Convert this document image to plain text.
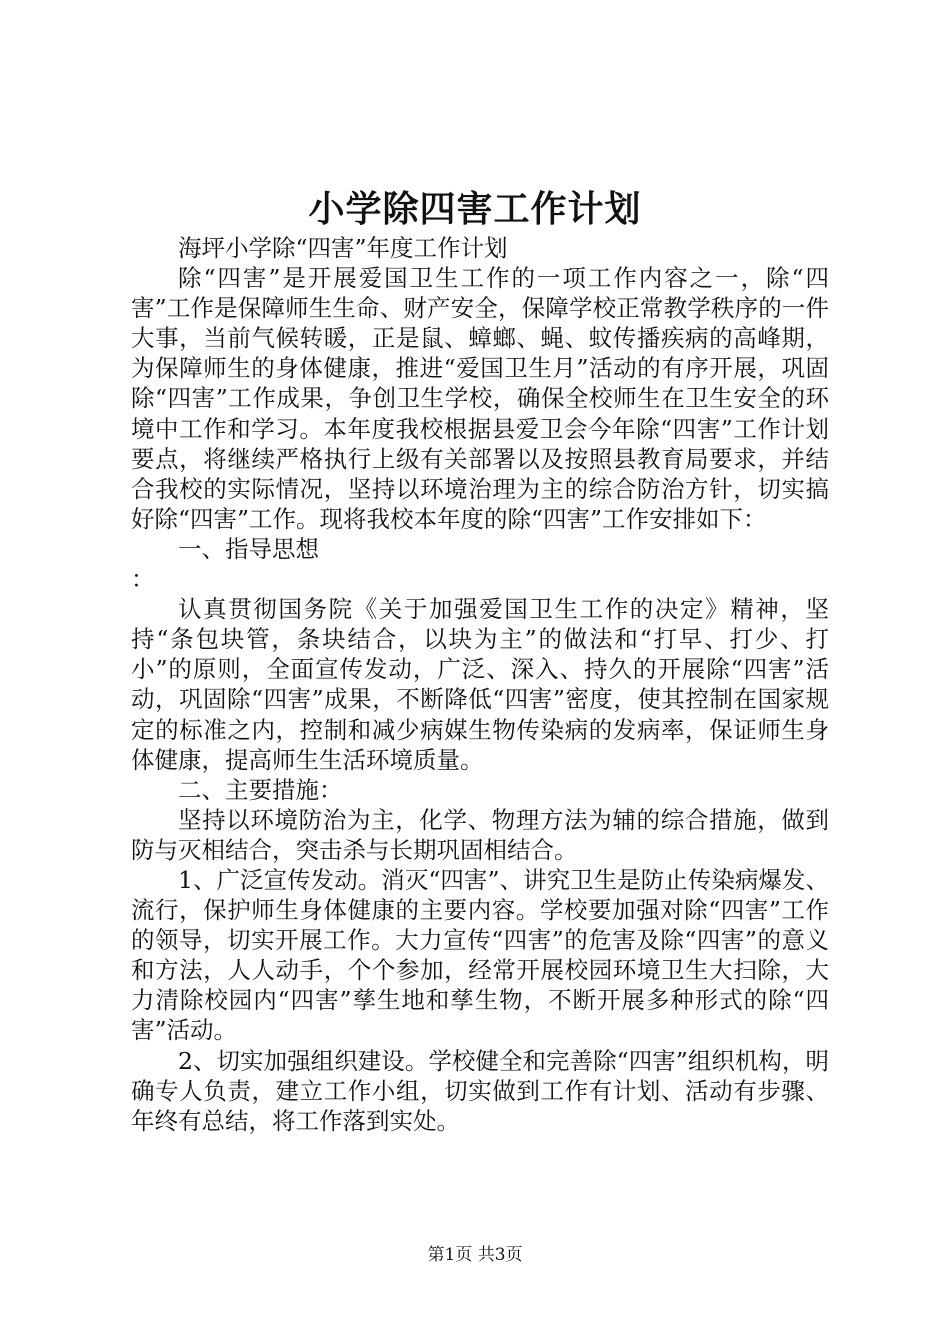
小学除四害工作计划

海坪小学除“四害”年度工作计划

除“四害”是开展爱国卫生工作的一项工作内容之一，除“四害”工作是保障师生生命、财产安全，保障学校正常教学秩序的一件大事，当前气候转暖，正是鼠、蟑螂、蝇、蚊传播疾病的高峰期，为保障师生的身体健康，推进“爱国卫生月”活动的有序开展，巩固除“四害”工作成果，争创卫生学校，确保全校师生在卫生安全的环境中工作和学习。本年度我校根据县爱卫会今年除“四害”工作计划要点，将继续严格执行上级有关部署以及按照县教育局要求，并结合我校的实际情况，坚持以环境治理为主的综合防治方针，切实搞好除“四害”工作。现将我校本年度的除“四害”工作安排如下：

一、指导思想

：

认真贯彻国务院《关于加强爱国卫生工作的决定》精神，坚持“条包块管，条块结合，以块为主”的做法和“打早、打少、打小”的原则，全面宣传发动，广泛、深入、持久的开展除“四害”活动，巩固除“四害”成果，不断降低“四害”密度，使其控制在国家规定的标准之内，控制和减少病媒生物传染病的发病率，保证师生身体健康，提高师生生活环境质量。

二、主要措施：

坚持以环境防治为主，化学、物理方法为辅的综合措施，做到防与灭相结合，突击杀与长期巩固相结合。

1、广泛宣传发动。消灭“四害”、讲究卫生是防止传染病爆发、流行，保护师生身体健康的主要内容。学校要加强对除“四害”工作的领导，切实开展工作。大力宣传“四害”的危害及除“四害”的意义和方法，人人动手，个个参加，经常开展校园环境卫生大扫除，大力清除校园内“四害”孳生地和孳生物，不断开展多种形式的除“四害”活动。

2、切实加强组织建设。学校健全和完善除“四害”组织机构，明确专人负责，建立工作小组，切实做到工作有计划、活动有步骤、年终有总结，将工作落到实处。

第1页 共3页
